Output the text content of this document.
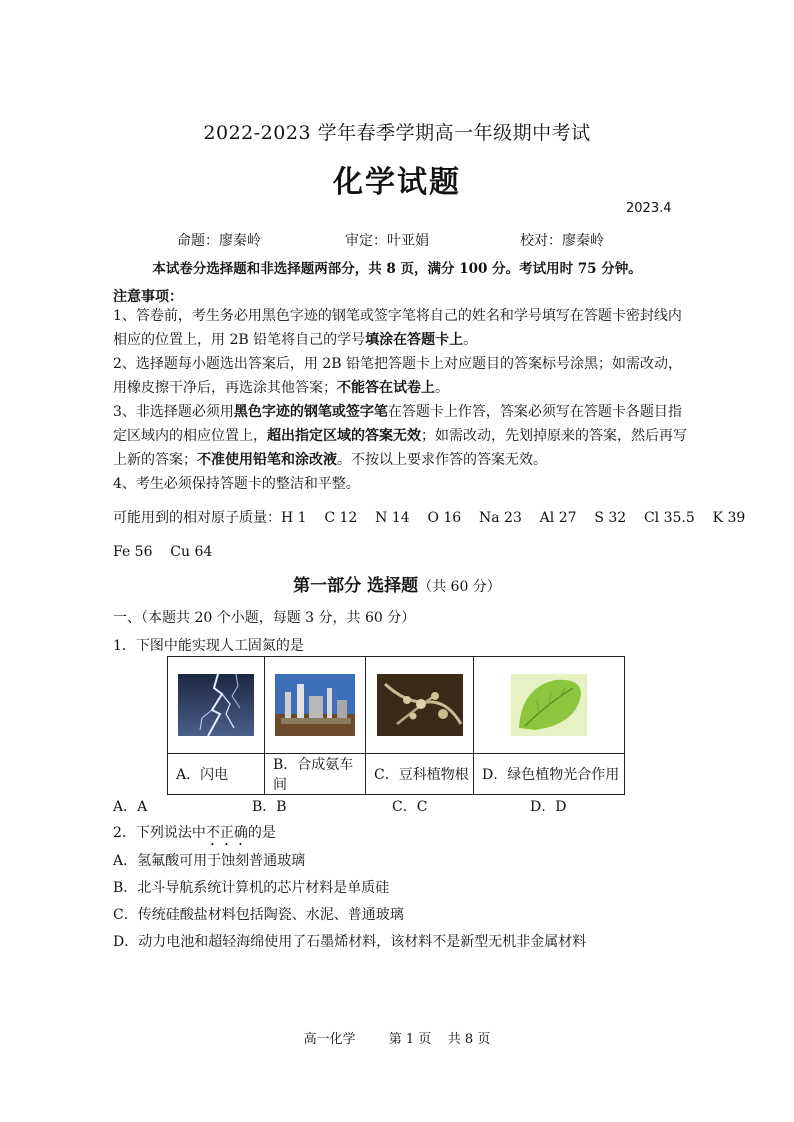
2022-2023 学年春季学期高一年级期中考试
化学试题
2023.4
命题：廖秦岭	审定：叶亚娟	校对：廖秦岭
本试卷分选择题和非选择题两部分，共 8 页，满分 100 分。考试用时 75 分钟。
注意事项：
1、答卷前，考生务必用黑色字迹的钢笔或签字笔将自己的姓名和学号填写在答题卡密封线内相应的位置上，用 2B 铅笔将自己的学号填涂在答题卡上。
2、选择题每小题选出答案后，用 2B 铅笔把答题卡上对应题目的答案标号涂黑；如需改动，用橡皮擦干净后，再选涂其他答案；不能答在试卷上。
3、非选择题必须用黑色字迹的钢笔或签字笔在答题卡上作答，答案必须写在答题卡各题目指定区域内的相应位置上，超出指定区域的答案无效；如需改动，先划掉原来的答案，然后再写上新的答案；不准使用铅笔和涂改液。不按以上要求作答的答案无效。
4、考生必须保持答题卡的整洁和平整。
可能用到的相对原子质量：H 1    C 12    N 14    O 16    Na 23    Al 27    S 32    Cl 35.5    K 39
Fe 56    Cu 64
第一部分 选择题（共 60 分）
一、（本题共 20 个小题，每题 3 分，共 60 分）
1．下图中能实现人工固氮的是

A．闪电	B．合成氨车间	C．豆科植物根	D．绿色植物光合作用
A．A	B．B	C．C	D．D
2．下列说法中不正确的是
A．氢氟酸可用于蚀刻普通玻璃
B．北斗导航系统计算机的芯片材料是单质硅
C．传统硅酸盐材料包括陶瓷、水泥、普通玻璃
D．动力电池和超轻海绵使用了石墨烯材料，该材料不是新型无机非金属材料
高一化学        第 1 页    共 8 页
